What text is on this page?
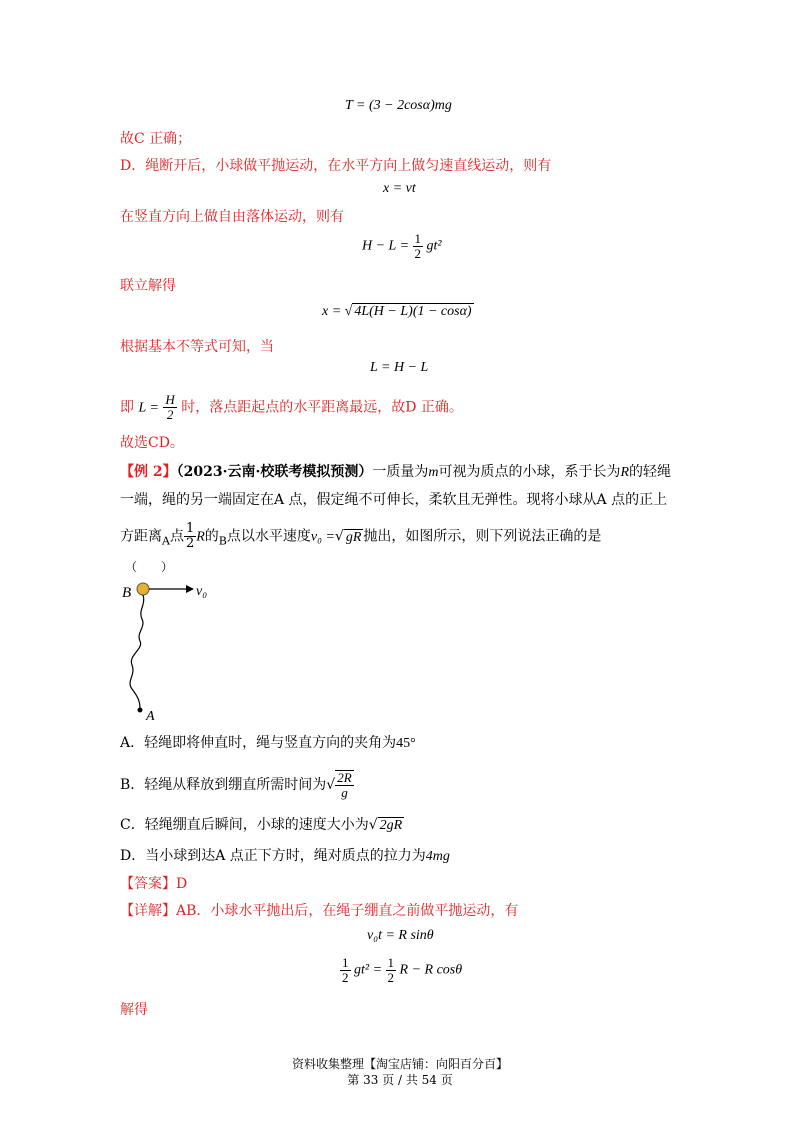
T = (3 − 2cosα)mg
故C 正确；
D．绳断开后，小球做平抛运动，在水平方向上做匀速直线运动，则有
x = vt
在竖直方向上做自由落体运动，则有
$H - L = \frac{1}{2} gt^2$
联立解得
x = √ 4L(H − L)(1 − cosα)
根据基本不等式可知，当
L = H − L
即 $L = \frac{H}{2}$ 时，落点距起点的水平距离最远，故D 正确。
故选CD。
【例 2】（2023·云南·校联考模拟预测）一质量为m可视为质点的小球，系于长为R的轻绳
一端，绳的另一端固定在A 点，假定绳不可伸长，柔软且无弹性。现将小球从A 点的正上
方距离$_A$点 $\frac{1}{2}$ R的$_B$点以水平速度v₀ =√ gR 抛出，如图所示，则下列说法正确的是
（　　）
B	v₀
A
A．轻绳即将伸直时，绳与竖直方向的夹角为45°
B．轻绳从释放到绷直所需时间为√ $\frac{2R}{g}$
C．轻绳绷直后瞬间，小球的速度大小为√ 2gR
D．当小球到达A 点正下方时，绳对质点的拉力为4mg
【答案】D
【详解】AB．小球水平抛出后，在绳子绷直之前做平抛运动，有
v₀t = R sinθ
$\frac{1}{2} gt^2 = \frac{1}{2}$ R − R cosθ
解得
资料收集整理【淘宝店铺：向阳百分百】
第 33 页 / 共 54 页
